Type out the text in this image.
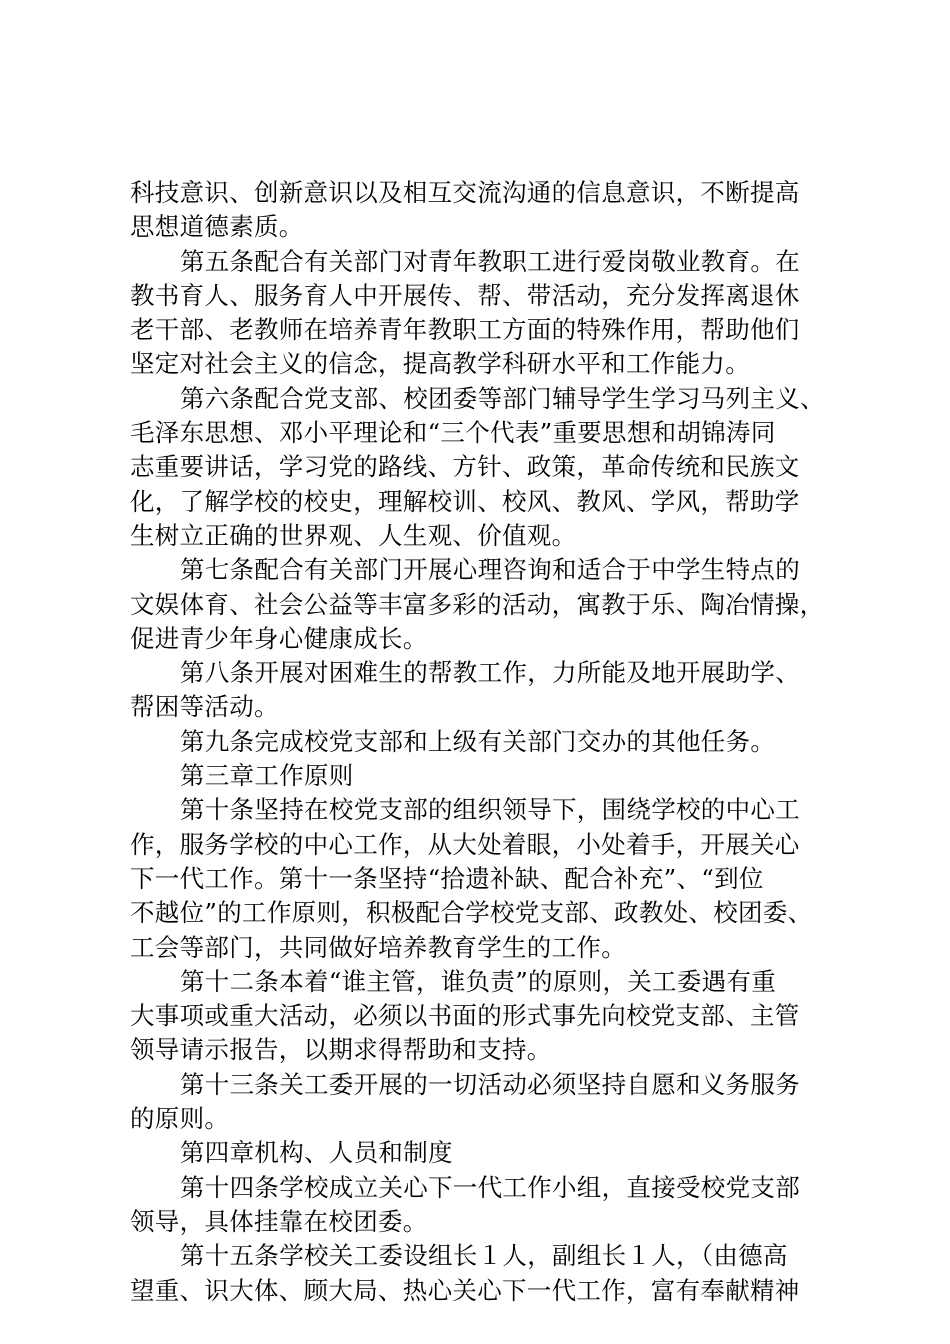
科技意识、创新意识以及相互交流沟通的信息意识，不断提高
思想道德素质。
第五条配合有关部门对青年教职工进行爱岗敬业教育。在
教书育人、服务育人中开展传、帮、带活动，充分发挥离退休
老干部、老教师在培养青年教职工方面的特殊作用，帮助他们
坚定对社会主义的信念，提高教学科研水平和工作能力。
第六条配合党支部、校团委等部门辅导学生学习马列主义、
毛泽东思想、邓小平理论和“三个代表”重要思想和胡锦涛同
志重要讲话，学习党的路线、方针、政策，革命传统和民族文
化，了解学校的校史，理解校训、校风、教风、学风，帮助学
生树立正确的世界观、人生观、价值观。
第七条配合有关部门开展心理咨询和适合于中学生特点的
文娱体育、社会公益等丰富多彩的活动，寓教于乐、陶冶情操，
促进青少年身心健康成长。
第八条开展对困难生的帮教工作，力所能及地开展助学、
帮困等活动。
第九条完成校党支部和上级有关部门交办的其他任务。
第三章工作原则
第十条坚持在校党支部的组织领导下，围绕学校的中心工
作，服务学校的中心工作，从大处着眼，小处着手，开展关心
下一代工作。第十一条坚持“拾遗补缺、配合补充”、“到位
不越位”的工作原则，积极配合学校党支部、政教处、校团委、
工会等部门，共同做好培养教育学生的工作。
第十二条本着“谁主管，谁负责”的原则，关工委遇有重
大事项或重大活动，必须以书面的形式事先向校党支部、主管
领导请示报告，以期求得帮助和支持。
第十三条关工委开展的一切活动必须坚持自愿和义务服务
的原则。
第四章机构、人员和制度
第十四条学校成立关心下一代工作小组，直接受校党支部
领导，具体挂靠在校团委。
第十五条学校关工委设组长１人，副组长１人，（由德高
望重、识大体、顾大局、热心关心下一代工作，富有奉献精神
